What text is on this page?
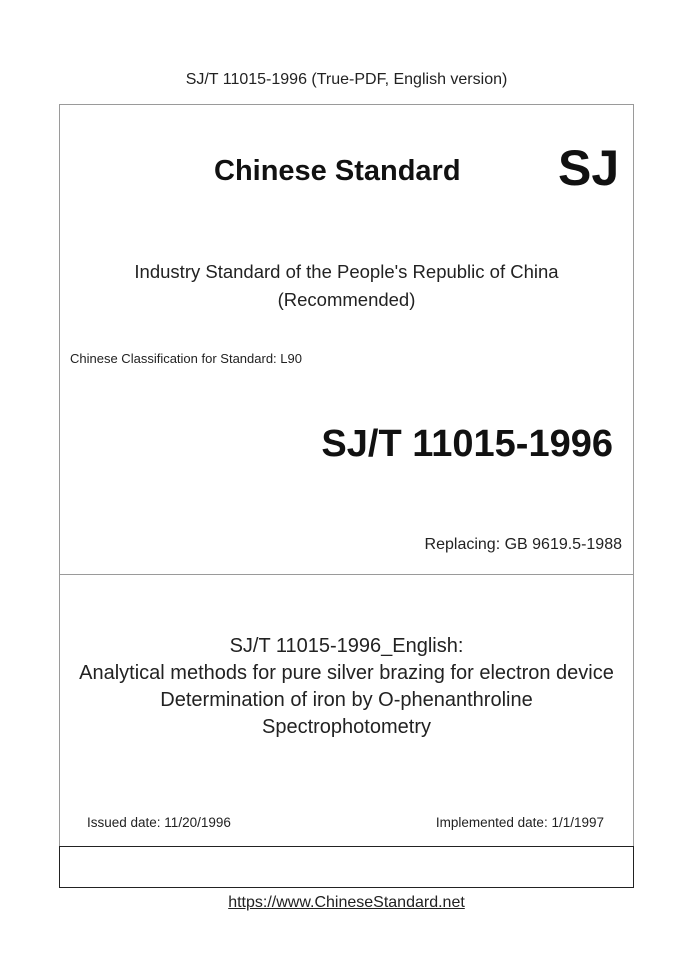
SJ/T 11015-1996 (True-PDF, English version)
Chinese Standard SJ
Industry Standard of the People's Republic of China
(Recommended)
Chinese Classification for Standard: L90
SJ/T 11015-1996
Replacing: GB 9619.5-1988
SJ/T 11015-1996_English:
Analytical methods for pure silver brazing for electron device
Determination of iron by O-phenanthroline
Spectrophotometry
Issued date: 11/20/1996	Implemented date: 1/1/1997
https://www.ChineseStandard.net
